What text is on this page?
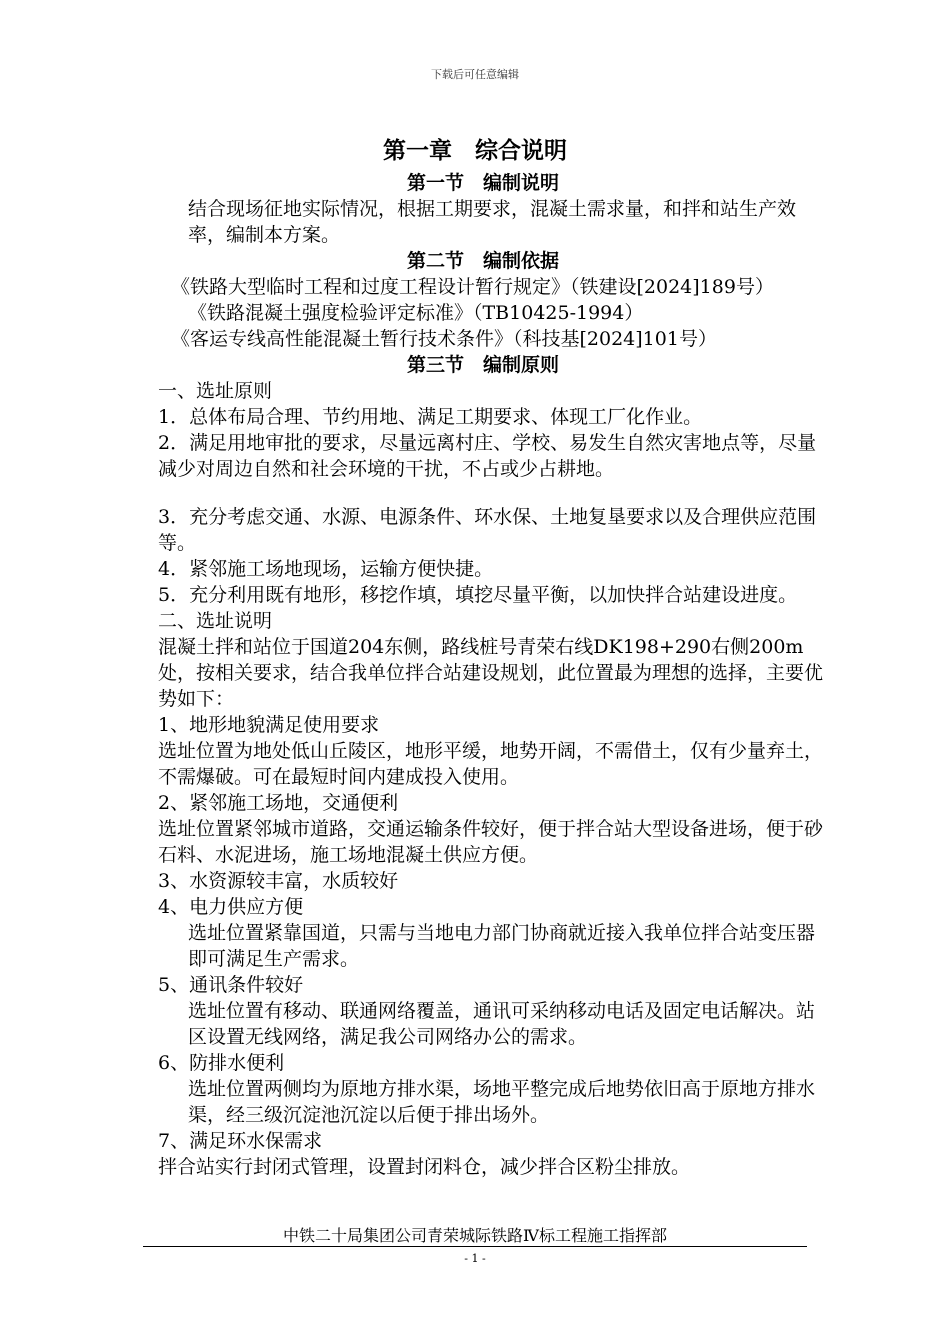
下载后可任意编辑
第一章　综合说明
第一节　编制说明

结合现场征地实际情况，根据工期要求，混凝土需求量，和拌和站生产效率，编制本方案。

第二节　编制依据

《铁路大型临时工程和过度工程设计暂行规定》（铁建设[2024]189号）

《铁路混凝土强度检验评定标准》（TB10425-1994）

《客运专线高性能混凝土暂行技术条件》（科技基[2024]101号）

第三节　编制原则

一、选址原则

1．总体布局合理、节约用地、满足工期要求、体现工厂化作业。

2．满足用地审批的要求，尽量远离村庄、学校、易发生自然灾害地点等，尽量减少对周边自然和社会环境的干扰，不占或少占耕地。

3．充分考虑交通、水源、电源条件、环水保、土地复垦要求以及合理供应范围等。

4．紧邻施工场地现场，运输方便快捷。

5．充分利用既有地形，移挖作填，填挖尽量平衡，以加快拌合站建设进度。

二、选址说明

混凝土拌和站位于国道204东侧，路线桩号青荣右线DK198+290右侧200m处，按相关要求，结合我单位拌合站建设规划，此位置最为理想的选择，主要优势如下：

1、地形地貌满足使用要求

选址位置为地处低山丘陵区，地形平缓，地势开阔，不需借土，仅有少量弃土，不需爆破。可在最短时间内建成投入使用。

2、紧邻施工场地，交通便利

选址位置紧邻城市道路，交通运输条件较好，便于拌合站大型设备进场，便于砂石料、水泥进场，施工场地混凝土供应方便。

3、水资源较丰富，水质较好

4、电力供应方便

选址位置紧靠国道，只需与当地电力部门协商就近接入我单位拌合站变压器即可满足生产需求。

5、通讯条件较好

选址位置有移动、联通网络覆盖，通讯可采纳移动电话及固定电话解决。站区设置无线网络，满足我公司网络办公的需求。

6、防排水便利

选址位置两侧均为原地方排水渠，场地平整完成后地势依旧高于原地方排水渠，经三级沉淀池沉淀以后便于排出场外。

7、满足环水保需求

拌合站实行封闭式管理，设置封闭料仓，减少拌合区粉尘排放。

中铁二十局集团公司青荣城际铁路Ⅳ标工程施工指挥部
- 1 -
